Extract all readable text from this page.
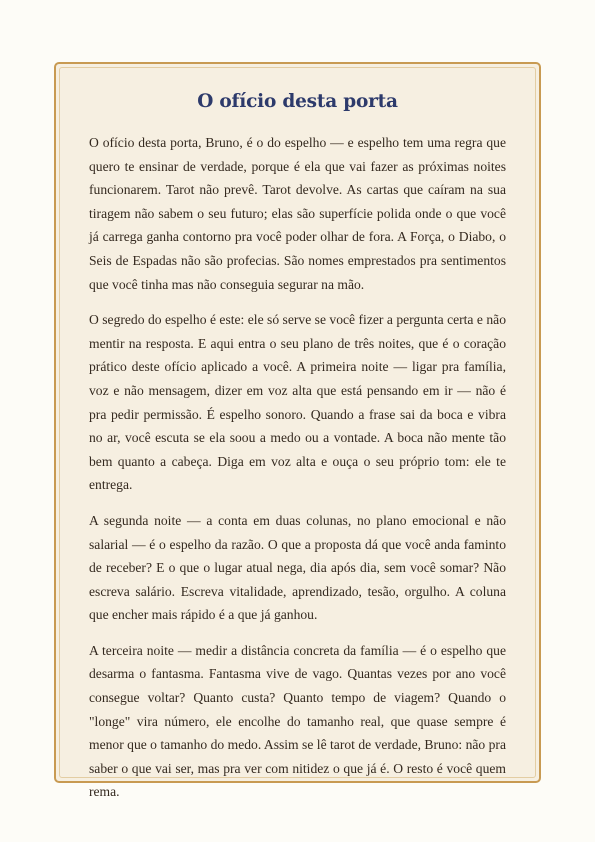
O ofício desta porta

O ofício desta porta, Bruno, é o do espelho — e espelho tem uma regra que quero te ensinar de verdade, porque é ela que vai fazer as próximas noites funcionarem. Tarot não prevê. Tarot devolve. As cartas que caíram na sua tiragem não sabem o seu futuro; elas são superfície polida onde o que você já carrega ganha contorno pra você poder olhar de fora. A Força, o Diabo, o Seis de Espadas não são profecias. São nomes emprestados pra sentimentos que você tinha mas não conseguia segurar na mão.

O segredo do espelho é este: ele só serve se você fizer a pergunta certa e não mentir na resposta. E aqui entra o seu plano de três noites, que é o coração prático deste ofício aplicado a você. A primeira noite — ligar pra família, voz e não mensagem, dizer em voz alta que está pensando em ir — não é pra pedir permissão. É espelho sonoro. Quando a frase sai da boca e vibra no ar, você escuta se ela soou a medo ou a vontade. A boca não mente tão bem quanto a cabeça. Diga em voz alta e ouça o seu próprio tom: ele te entrega.

A segunda noite — a conta em duas colunas, no plano emocional e não salarial — é o espelho da razão. O que a proposta dá que você anda faminto de receber? E o que o lugar atual nega, dia após dia, sem você somar? Não escreva salário. Escreva vitalidade, aprendizado, tesão, orgulho. A coluna que encher mais rápido é a que já ganhou.

A terceira noite — medir a distância concreta da família — é o espelho que desarma o fantasma. Fantasma vive de vago. Quantas vezes por ano você consegue voltar? Quanto custa? Quanto tempo de viagem? Quando o "longe" vira número, ele encolhe do tamanho real, que quase sempre é menor que o tamanho do medo. Assim se lê tarot de verdade, Bruno: não pra saber o que vai ser, mas pra ver com nitidez o que já é. O resto é você quem rema.
